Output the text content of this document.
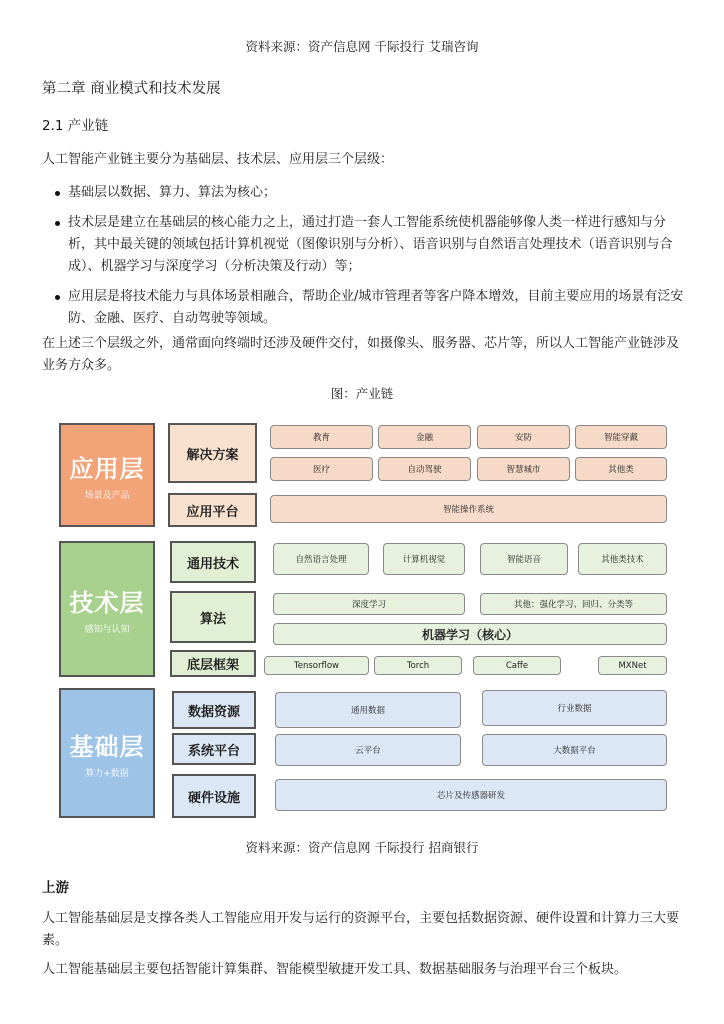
资料来源：资产信息网 千际投行 艾瑞咨询
第二章 商业模式和技术发展
2.1 产业链
人工智能产业链主要分为基础层、技术层、应用层三个层级：
基础层以数据、算力、算法为核心；
技术层是建立在基础层的核心能力之上，通过打造一套人工智能系统使机器能够像人类一样进行感知与分析，其中最关键的领域包括计算机视觉（图像识别与分析）、语音识别与自然语言处理技术（语音识别与合成）、机器学习与深度学习（分析决策及行动）等；
应用层是将技术能力与具体场景相融合，帮助企业/城市管理者等客户降本增效，目前主要应用的场景有泛安防、金融、医疗、自动驾驶等领域。
在上述三个层级之外，通常面向终端时还涉及硬件交付，如摄像头、服务器、芯片等，所以人工智能产业链涉及业务方众多。
图：产业链
应用层
场景及产品
解决方案
应用平台
教育	金融	安防	智能穿戴
医疗	自动驾驶	智慧城市	其他类
智能操作系统
技术层
感知与认知
通用技术
算法
底层框架
自然语言处理	计算机视觉	智能语音	其他类技术
深度学习	其他：强化学习、回归、分类等
机器学习（核心）
Tensorflow	Torch	Caffe	MXNet
基础层
算力+数据
数据资源
系统平台
硬件设施
通用数据	行业数据
云平台	大数据平台
芯片及传感器研发
资料来源：资产信息网 千际投行 招商银行
上游
人工智能基础层是支撑各类人工智能应用开发与运行的资源平台，主要包括数据资源、硬件设置和计算力三大要素。
人工智能基础层主要包括智能计算集群、智能模型敏捷开发工具、数据基础服务与治理平台三个板块。
